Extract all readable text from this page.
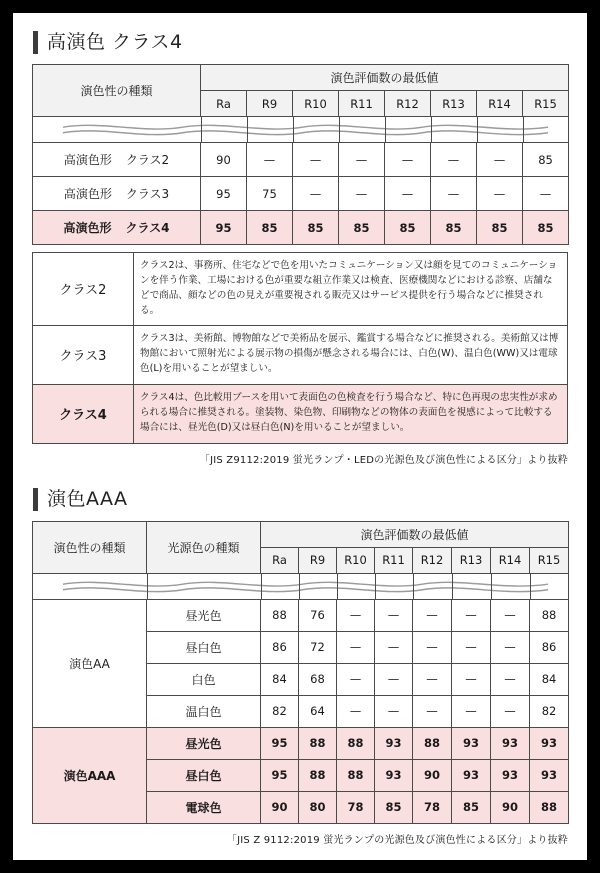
高演色 クラス4
演色性の種類	演色評価数の最低値							
	Ra	R9	R10	R11	R12	R13	R14	R15

高演色形 クラス2	90	—	—	—	—	—	—	85

高演色形 クラス3	95	75	—	—	—	—	—	—

高演色形 クラス4	95	85	85	85	85	85	85	85
クラス2	クラス2は、事務所、住宅などで色を用いたコミュニケーション又は顔を見てのコミュニケーションを伴う作業、工場における色が重要な組立作業又は検査、医療機関などにおける診察、店舗などで商品、顔などの色の見えが重要視される販売又はサービス提供を行う場合などに推奨される。
クラス3	クラス3は、美術館、博物館などで美術品を展示、鑑賞する場合などに推奨される。美術館又は博物館において照射光による展示物の損傷が懸念される場合には、白色(W)、温白色(WW)又は電球色(L)を用いることが望ましい。
クラス4	クラス4は、色比較用ブースを用いて表面色の色検査を行う場合など、特に色再現の忠実性が求められる場合に推奨される。塗装物、染色物、印刷物などの物体の表面色を視感によって比較する場合には、昼光色(D)又は昼白色(N)を用いることが望ましい。
「JIS Z9112:2019 蛍光ランプ・LEDの光源色及び演色性による区分」より抜粋
演色AAA
演色性の種類	光源色の種類	演色評価数の最低値							
		Ra	R9	R10	R11	R12	R13	R14	R15

演色AA	昼光色	88	76	—	—	—	—	—	88
	昼白色	86	72	—	—	—	—	—	86
	白色	84	68	—	—	—	—	—	84
	温白色	82	64	—	—	—	—	—	82
演色AAA	昼光色	95	88	88	93	88	93	93	93
	昼白色	95	88	88	93	90	93	93	93
	電球色	90	80	78	85	78	85	90	88
「JIS Z 9112:2019 蛍光ランプの光源色及び演色性による区分」より抜粋
